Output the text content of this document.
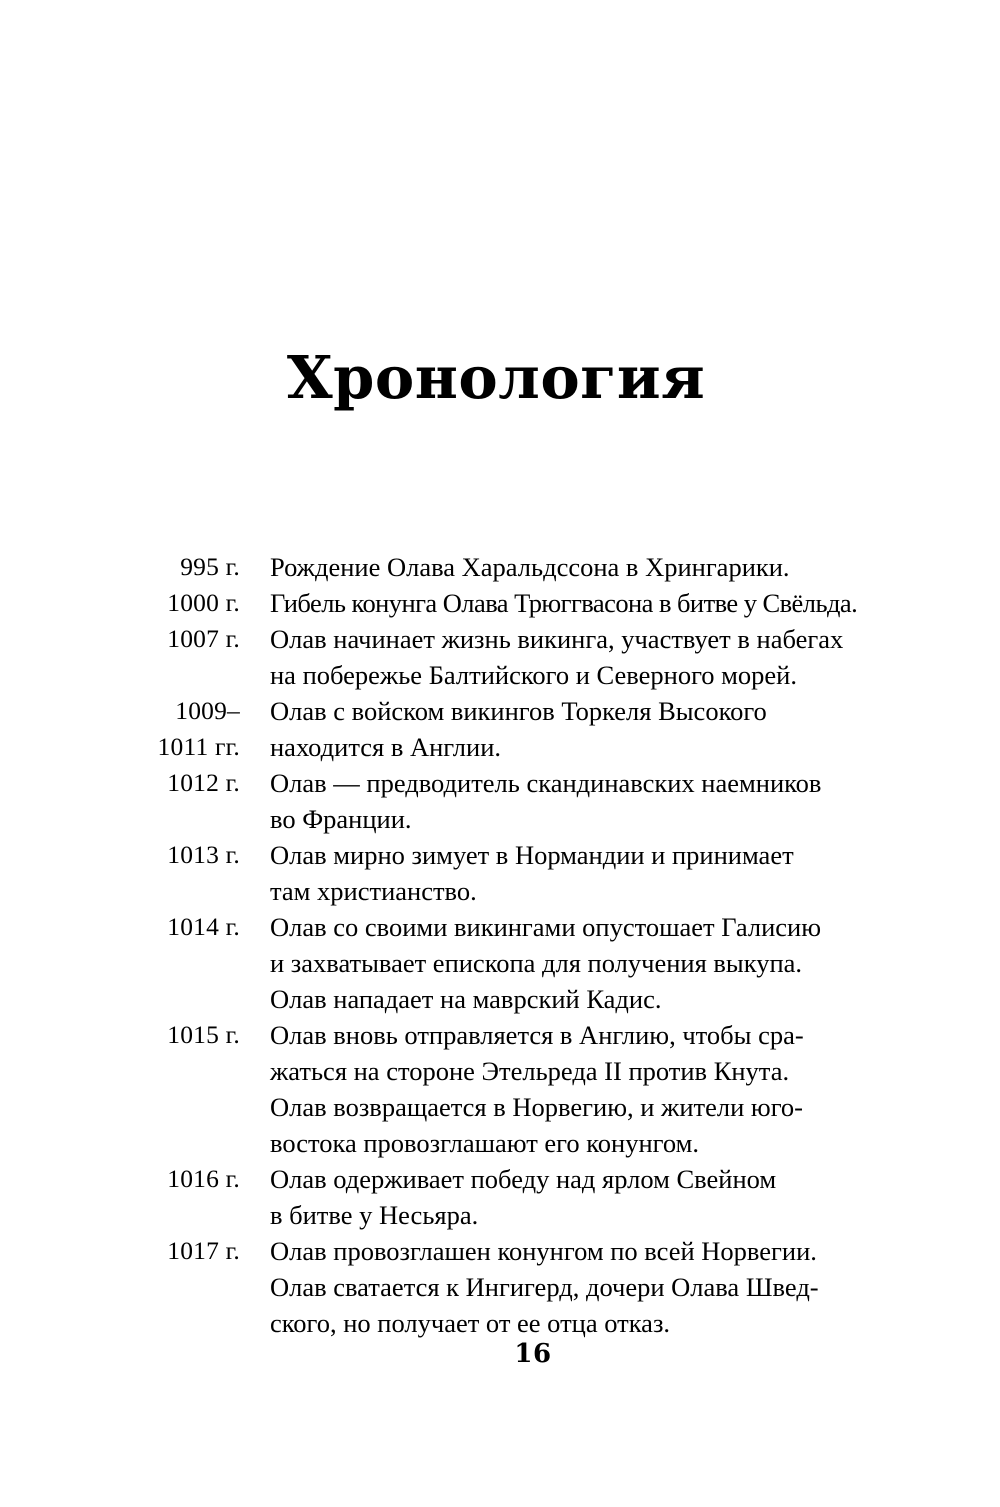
Хронология
995 г. Рождение Олава Харальдссона в Хрингарики.
1000 г. Гибель конунга Олава Трюггвасона в битве у Свёльда.
1007 г. Олав начинает жизнь викинга, участвует в набегах
на побережье Балтийского и Северного морей.
1009–
1011 гг.
Олав с войском викингов Торкеля Высокого
находится в Англии.
1012 г. Олав — предводитель скандинавских наемников
во Франции.
1013 г. Олав мирно зимует в Нормандии и принимает
там христианство.
1014 г. Олав со своими викингами опустошает Галисию
и захватывает епископа для получения выкупа.
Олав нападает на маврский Кадис.
1015 г. Олав вновь отправляется в Англию, чтобы сра-
жаться на стороне Этельреда II против Кнута.
Олав возвращается в Норвегию, и жители юго-
востока провозглашают его конунгом.
1016 г. Олав одерживает победу над ярлом Свейном
в битве у Несьяра.
1017 г. Олав провозглашен конунгом по всей Норвегии.
Олав сватается к Ингигерд, дочери Олава Швед-
ского, но получает от ее отца отказ.
16
